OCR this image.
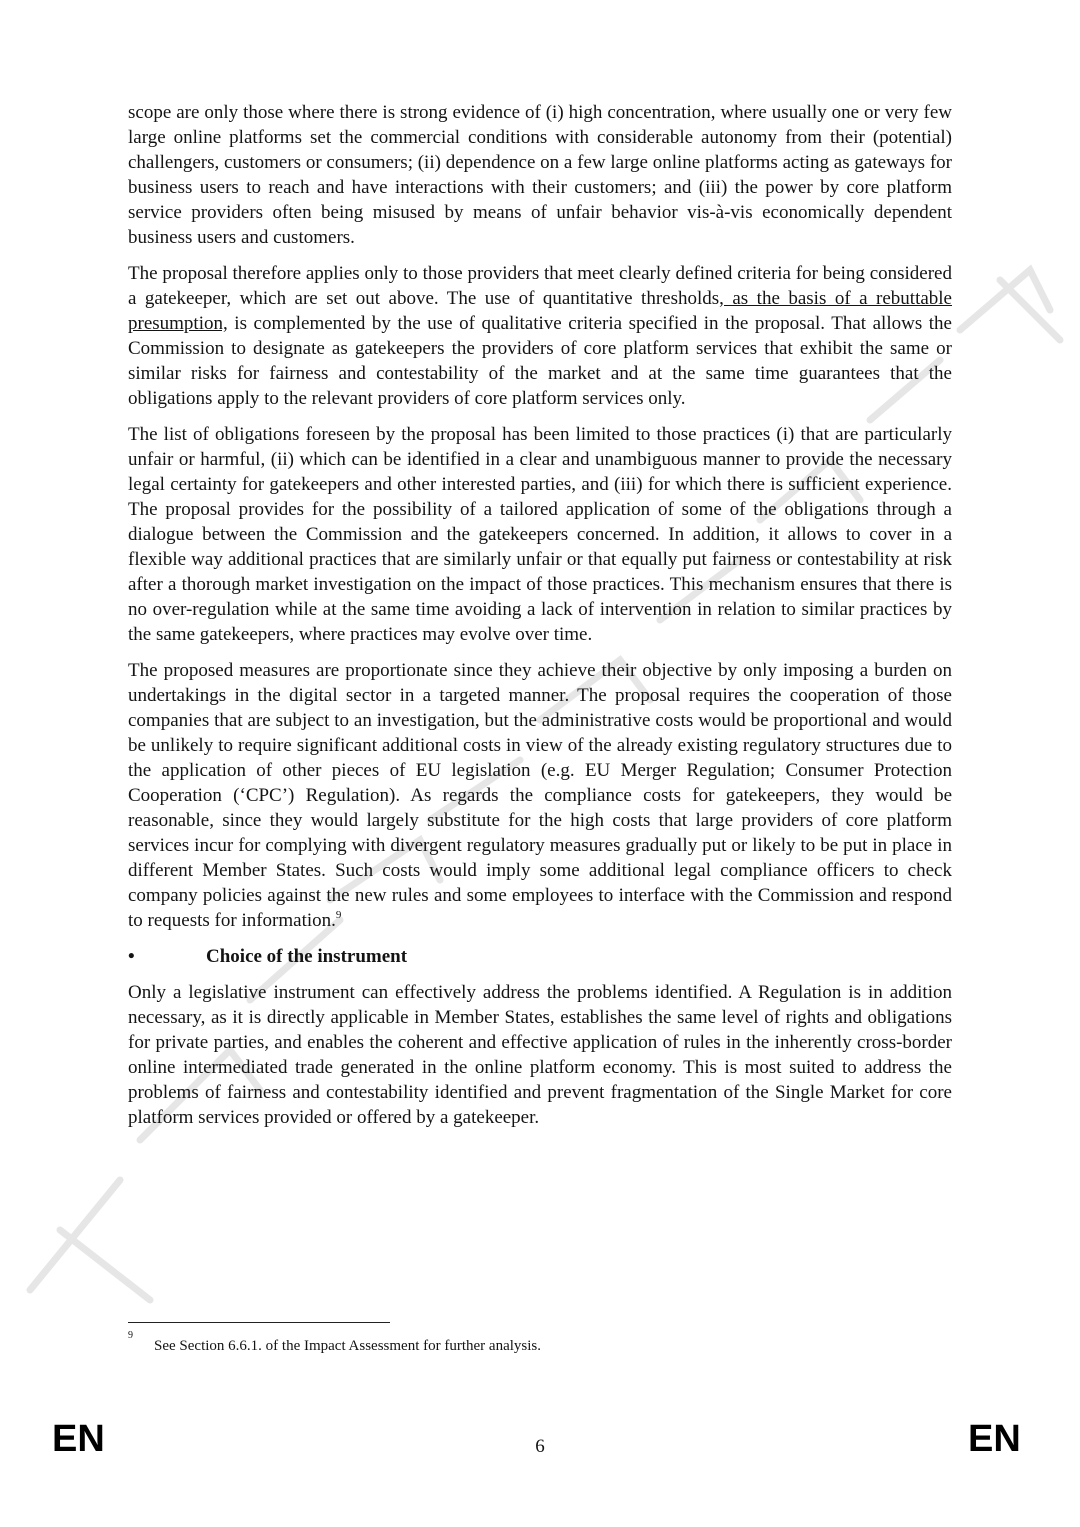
scope are only those where there is strong evidence of (i) high concentration, where usually one or very few large online platforms set the commercial conditions with considerable autonomy from their (potential) challengers, customers or consumers; (ii) dependence on a few large online platforms acting as gateways for business users to reach and have interactions with their customers; and (iii) the power by core platform service providers often being misused by means of unfair behavior vis-à-vis economically dependent business users and customers.

The proposal therefore applies only to those providers that meet clearly defined criteria for being considered a gatekeeper, which are set out above. The use of quantitative thresholds, as the basis of a rebuttable presumption, is complemented by the use of qualitative criteria specified in the proposal. That allows the Commission to designate as gatekeepers the providers of core platform services that exhibit the same or similar risks for fairness and contestability of the market and at the same time guarantees that the obligations apply to the relevant providers of core platform services only.

The list of obligations foreseen by the proposal has been limited to those practices (i) that are particularly unfair or harmful, (ii) which can be identified in a clear and unambiguous manner to provide the necessary legal certainty for gatekeepers and other interested parties, and (iii) for which there is sufficient experience. The proposal provides for the possibility of a tailored application of some of the obligations through a dialogue between the Commission and the gatekeepers concerned. In addition, it allows to cover in a flexible way additional practices that are similarly unfair or that equally put fairness or contestability at risk after a thorough market investigation on the impact of those practices. This mechanism ensures that there is no over-regulation while at the same time avoiding a lack of intervention in relation to similar practices by the same gatekeepers, where practices may evolve over time.

The proposed measures are proportionate since they achieve their objective by only imposing a burden on undertakings in the digital sector in a targeted manner. The proposal requires the cooperation of those companies that are subject to an investigation, but the administrative costs would be proportional and would be unlikely to require significant additional costs in view of the already existing regulatory structures due to the application of other pieces of EU legislation (e.g. EU Merger Regulation; Consumer Protection Cooperation (‘CPC’) Regulation). As regards the compliance costs for gatekeepers, they would be reasonable, since they would largely substitute for the high costs that large providers of core platform services incur for complying with divergent regulatory measures gradually put or likely to be put in place in different Member States. Such costs would imply some additional legal compliance officers to check company policies against the new rules and some employees to interface with the Commission and respond to requests for information.$^9$

•	Choice of the instrument

Only a legislative instrument can effectively address the problems identified. A Regulation is in addition necessary, as it is directly applicable in Member States, establishes the same level of rights and obligations for private parties, and enables the coherent and effective application of rules in the inherently cross-border online intermediated trade generated in the online platform economy. This is most suited to address the problems of fairness and contestability identified and prevent fragmentation of the Single Market for core platform services provided or offered by a gatekeeper.

9
See Section 6.6.1. of the Impact Assessment for further analysis.
EN	6	EN
